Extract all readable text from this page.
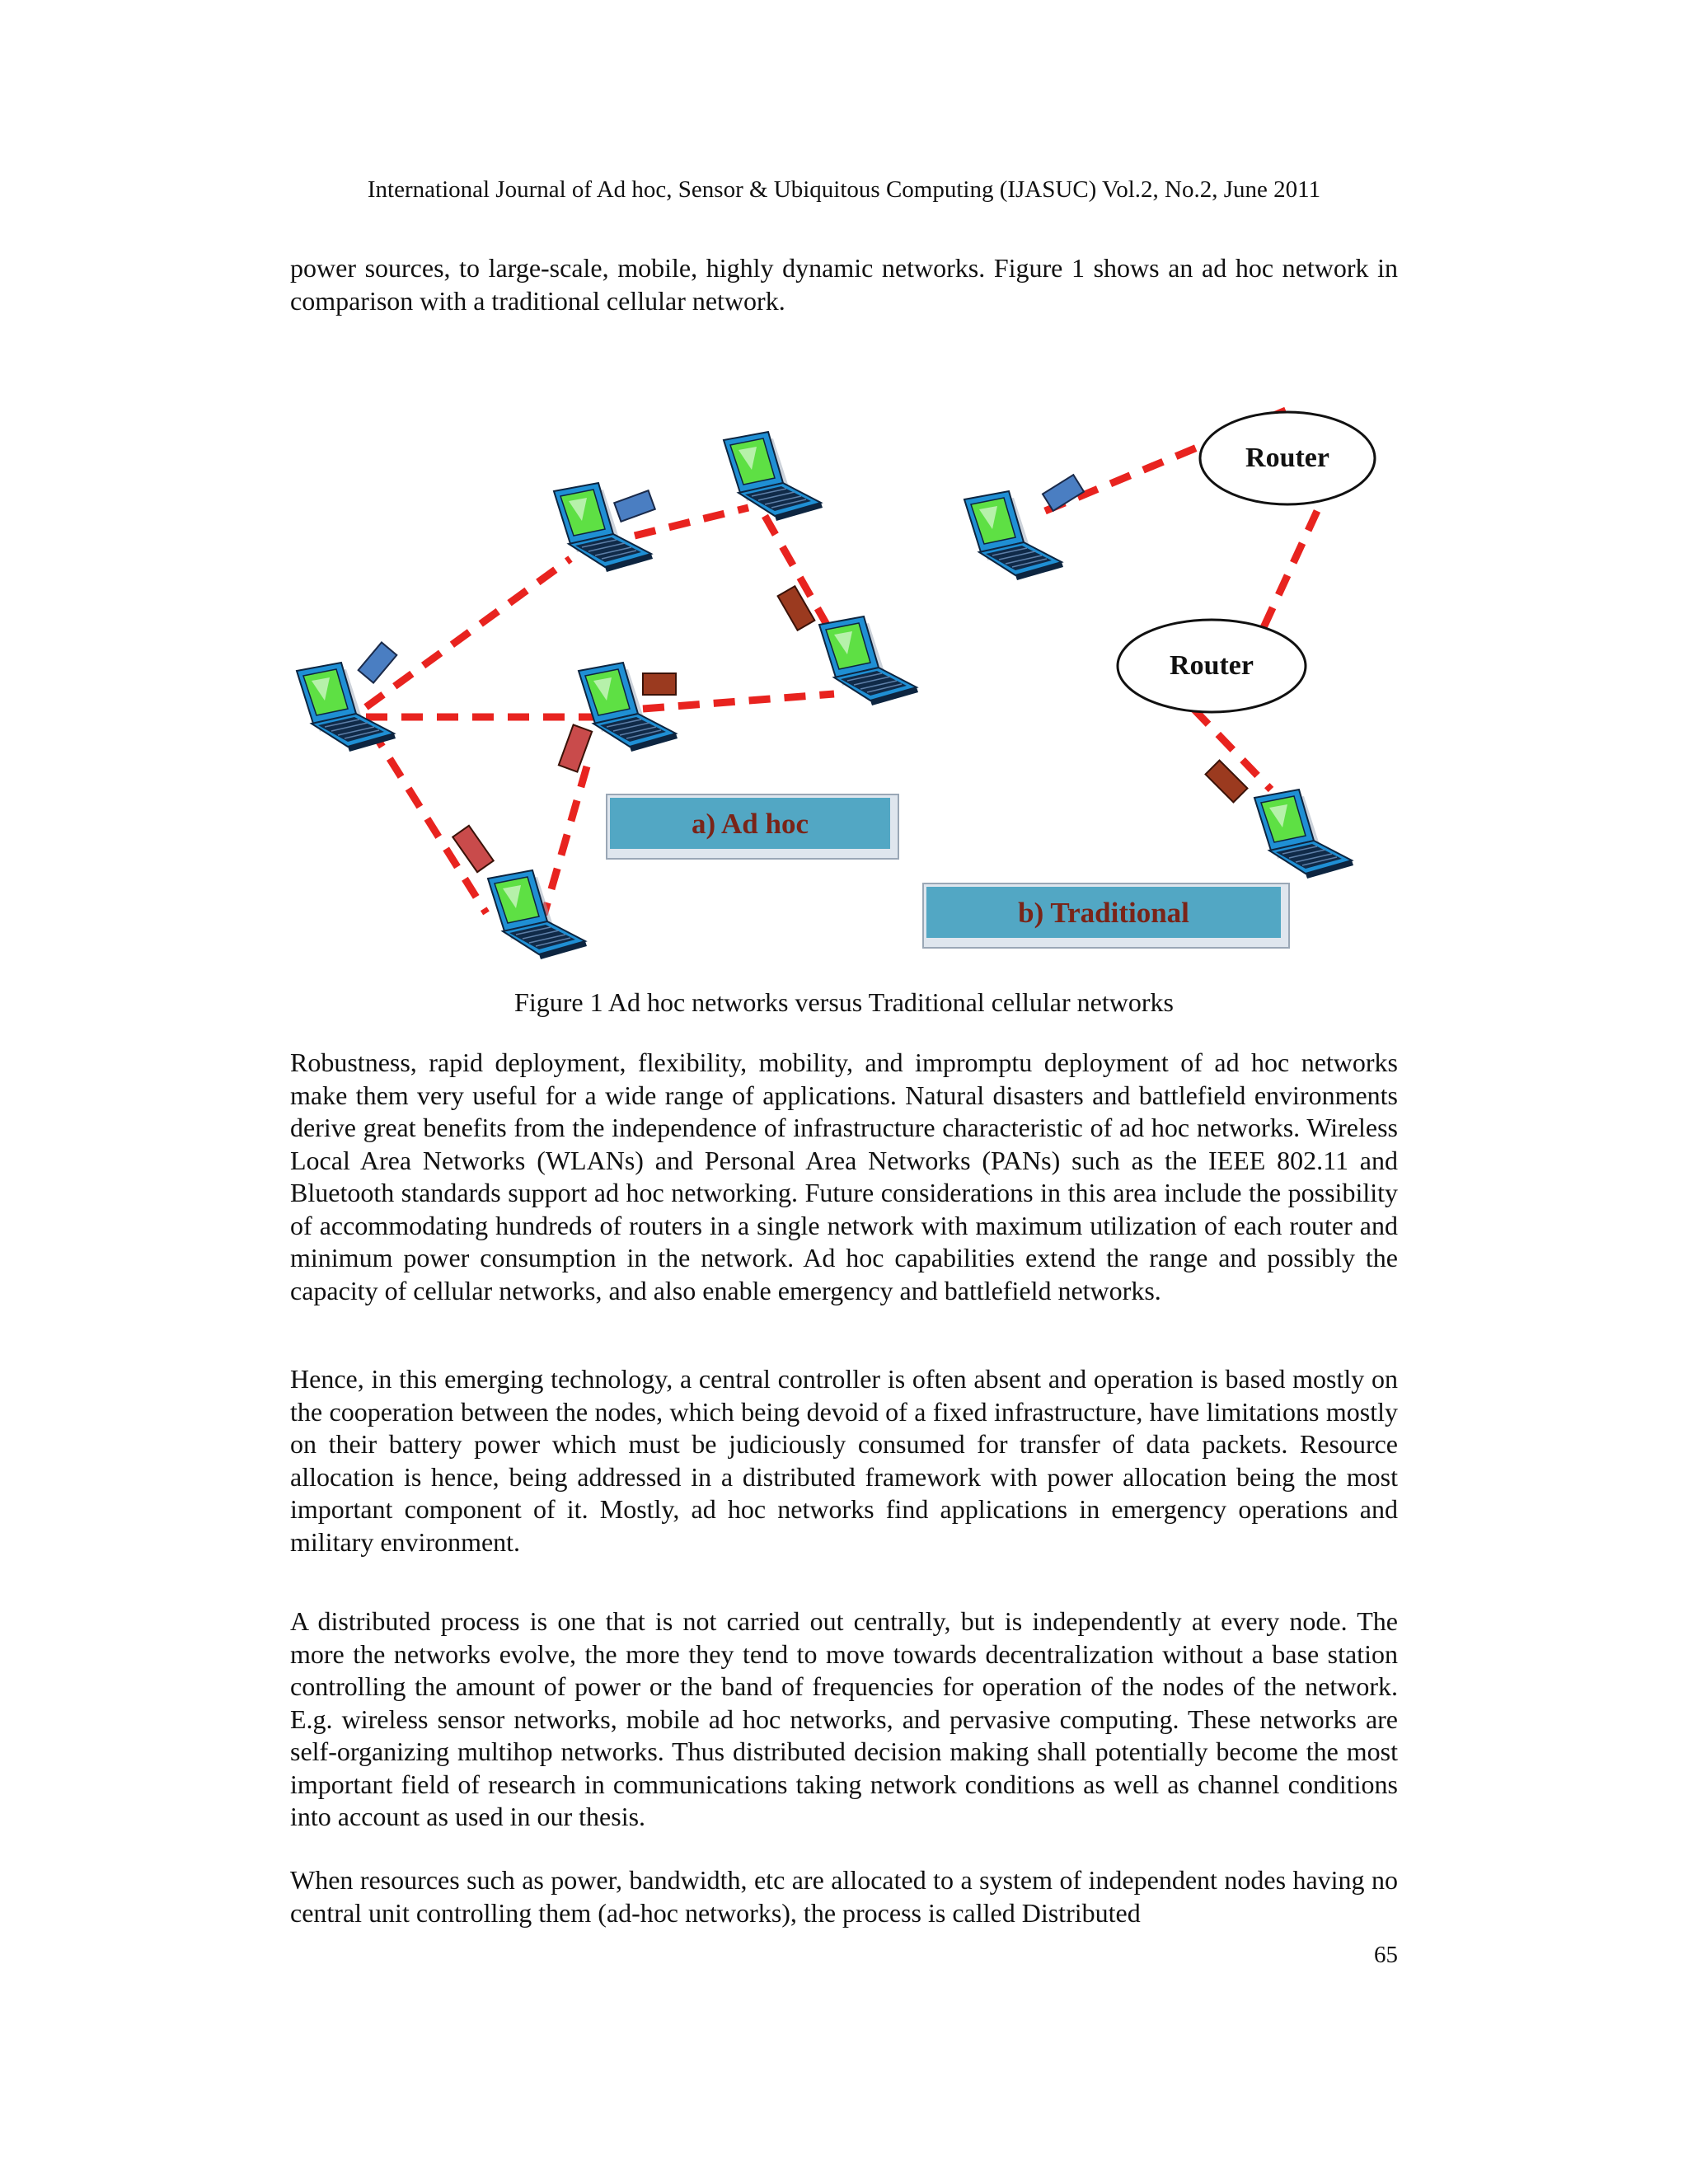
International Journal of Ad hoc, Sensor & Ubiquitous Computing (IJASUC) Vol.2, No.2, June 2011

power sources, to large-scale, mobile, highly dynamic networks. Figure 1 shows an ad hoc network in comparison with a traditional cellular network.

Router
Router
a) Ad hoc
b) Traditional
Figure 1 Ad hoc networks versus Traditional cellular networks

Robustness, rapid deployment, flexibility, mobility, and impromptu deployment of ad hoc networks make them very useful for a wide range of applications. Natural disasters and battlefield environments derive great benefits from the independence of infrastructure characteristic of ad hoc networks. Wireless Local Area Networks (WLANs) and Personal Area Networks (PANs) such as the IEEE 802.11 and Bluetooth standards support ad hoc networking. Future considerations in this area include the possibility of accommodating hundreds of routers in a single network with maximum utilization of each router and minimum power consumption in the network. Ad hoc capabilities extend the range and possibly the capacity of cellular networks, and also enable emergency and battlefield networks.

Hence, in this emerging technology, a central controller is often absent and operation is based mostly on the cooperation between the nodes, which being devoid of a fixed infrastructure, have limitations mostly on their battery power which must be judiciously consumed for transfer of data packets. Resource allocation is hence, being addressed in a distributed framework with power allocation being the most important component of it. Mostly, ad hoc networks find applications in emergency operations and military environment.

A distributed process is one that is not carried out centrally, but is independently at every node. The more the networks evolve, the more they tend to move towards decentralization without a base station controlling the amount of power or the band of frequencies for operation of the nodes of the network. E.g. wireless sensor networks, mobile ad hoc networks, and pervasive computing. These networks are self-organizing multihop networks. Thus distributed decision making shall potentially become the most important field of research in communications taking network conditions as well as channel conditions into account as used in our thesis.

When resources such as power, bandwidth, etc are allocated to a system of independent nodes having no central unit controlling them (ad-hoc networks), the process is called Distributed

65
